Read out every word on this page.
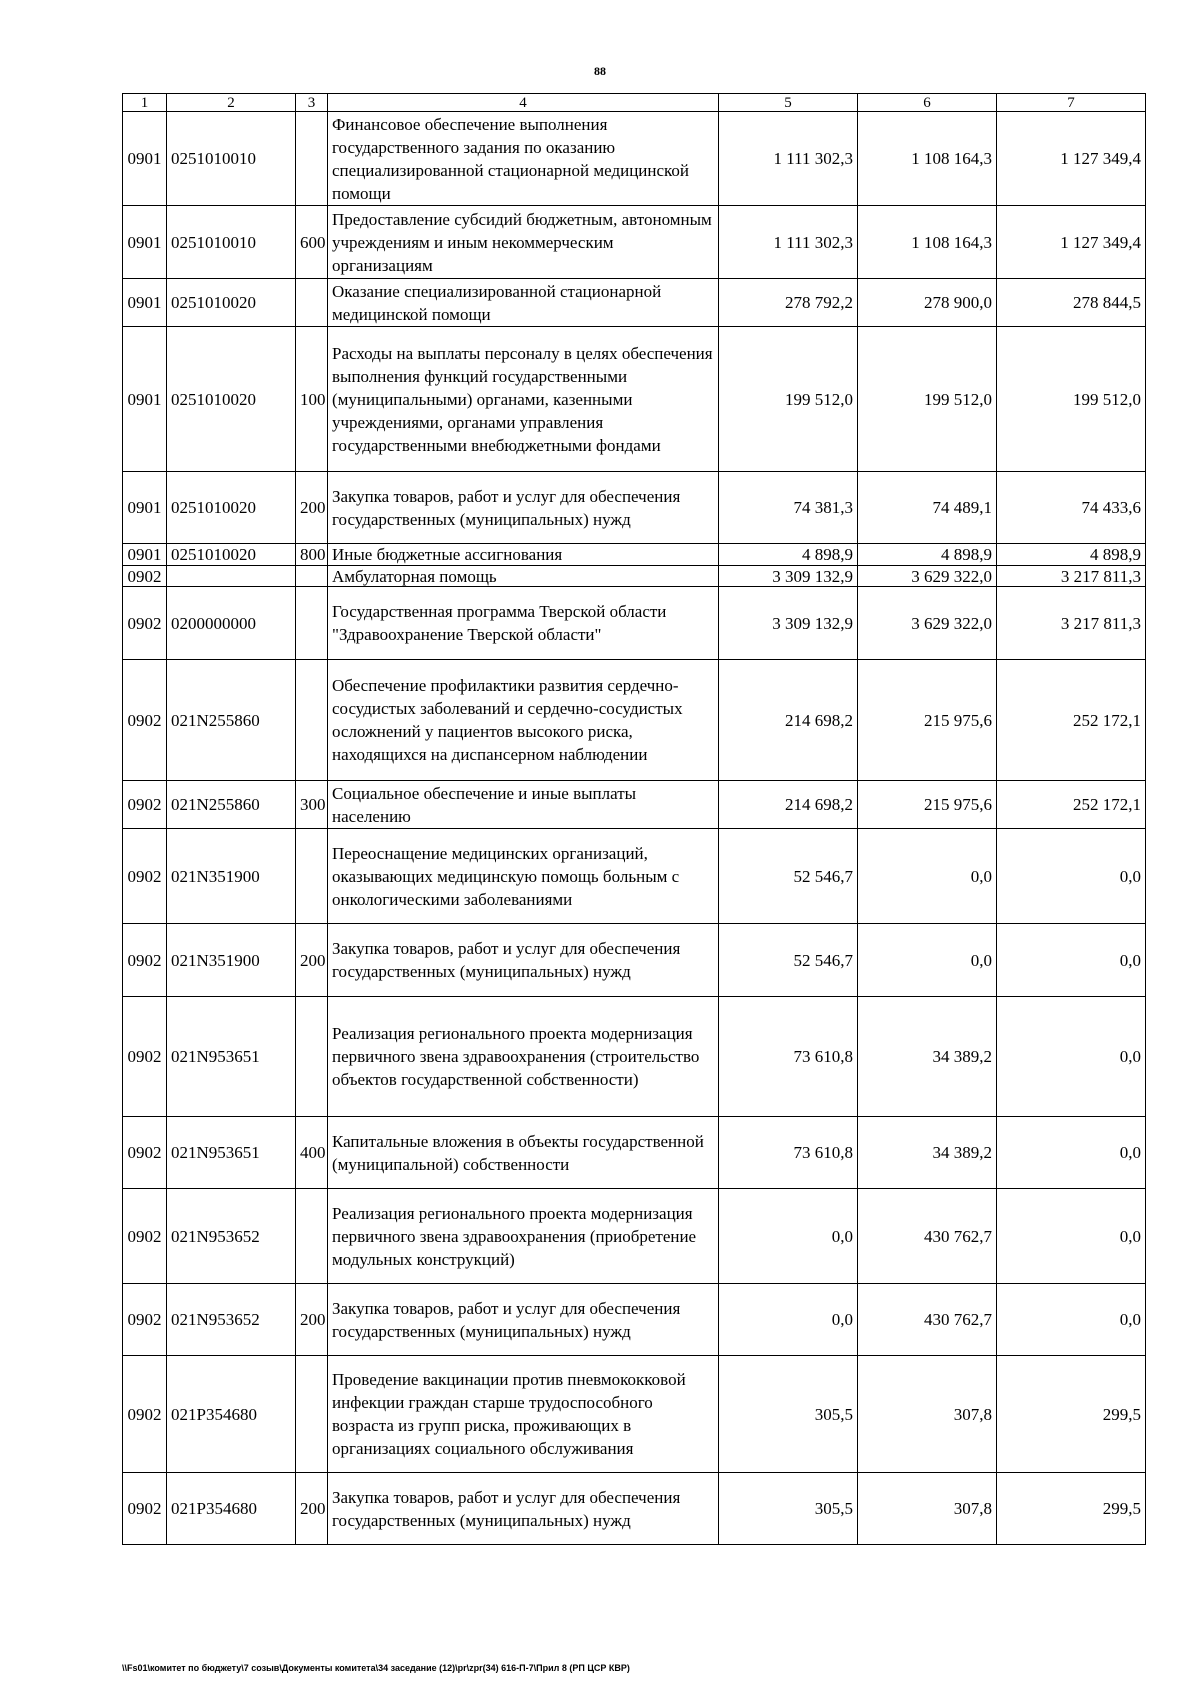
88
1	2	3	4	5	6	7
0901	0251010010		Финансовое обеспечение выполнения государственного задания по оказанию специализированной стационарной медицинской помощи	1 111 302,3	1 108 164,3	1 127 349,4
0901	0251010010	600	Предоставление субсидий бюджетным, автономным учреждениям и иным некоммерческим организациям	1 111 302,3	1 108 164,3	1 127 349,4
0901	0251010020		Оказание специализированной стационарной медицинской помощи	278 792,2	278 900,0	278 844,5
0901	0251010020	100	Расходы на выплаты персоналу в целях обеспечения выполнения функций государственными (муниципальными) органами, казенными учреждениями, органами управления государственными внебюджетными фондами	199 512,0	199 512,0	199 512,0
0901	0251010020	200	Закупка товаров, работ и услуг для обеспечения государственных (муниципальных) нужд	74 381,3	74 489,1	74 433,6
0901	0251010020	800	Иные бюджетные ассигнования	4 898,9	4 898,9	4 898,9
0902			Амбулаторная помощь	3 309 132,9	3 629 322,0	3 217 811,3
0902	0200000000		Государственная программа Тверской области "Здравоохранение Тверской области"	3 309 132,9	3 629 322,0	3 217 811,3
0902	021N255860		Обеспечение профилактики развития сердечно-сосудистых заболеваний и сердечно-сосудистых осложнений у пациентов высокого риска, находящихся на диспансерном наблюдении	214 698,2	215 975,6	252 172,1
0902	021N255860	300	Социальное обеспечение и иные выплаты населению	214 698,2	215 975,6	252 172,1
0902	021N351900		Переоснащение медицинских организаций, оказывающих медицинскую помощь больным с онкологическими заболеваниями	52 546,7	0,0	0,0
0902	021N351900	200	Закупка товаров, работ и услуг для обеспечения государственных (муниципальных) нужд	52 546,7	0,0	0,0
0902	021N953651		Реализация регионального проекта модернизация первичного звена здравоохранения (строительство объектов государственной собственности)	73 610,8	34 389,2	0,0
0902	021N953651	400	Капитальные вложения в объекты государственной (муниципальной) собственности	73 610,8	34 389,2	0,0
0902	021N953652		Реализация регионального проекта модернизация первичного звена здравоохранения (приобретение модульных конструкций)	0,0	430 762,7	0,0
0902	021N953652	200	Закупка товаров, работ и услуг для обеспечения государственных (муниципальных) нужд	0,0	430 762,7	0,0
0902	021P354680		Проведение вакцинации против пневмококковой инфекции граждан старше трудоспособного возраста из групп риска, проживающих в организациях социального обслуживания	305,5	307,8	299,5
0902	021P354680	200	Закупка товаров, работ и услуг для обеспечения государственных (муниципальных) нужд	305,5	307,8	299,5
\\Fs01\комитет по бюджету\7 созыв\Документы комитета\34 заседание (12)\pr\zpr(34) 616-П-7\Прил 8 (РП ЦСР КВР)
